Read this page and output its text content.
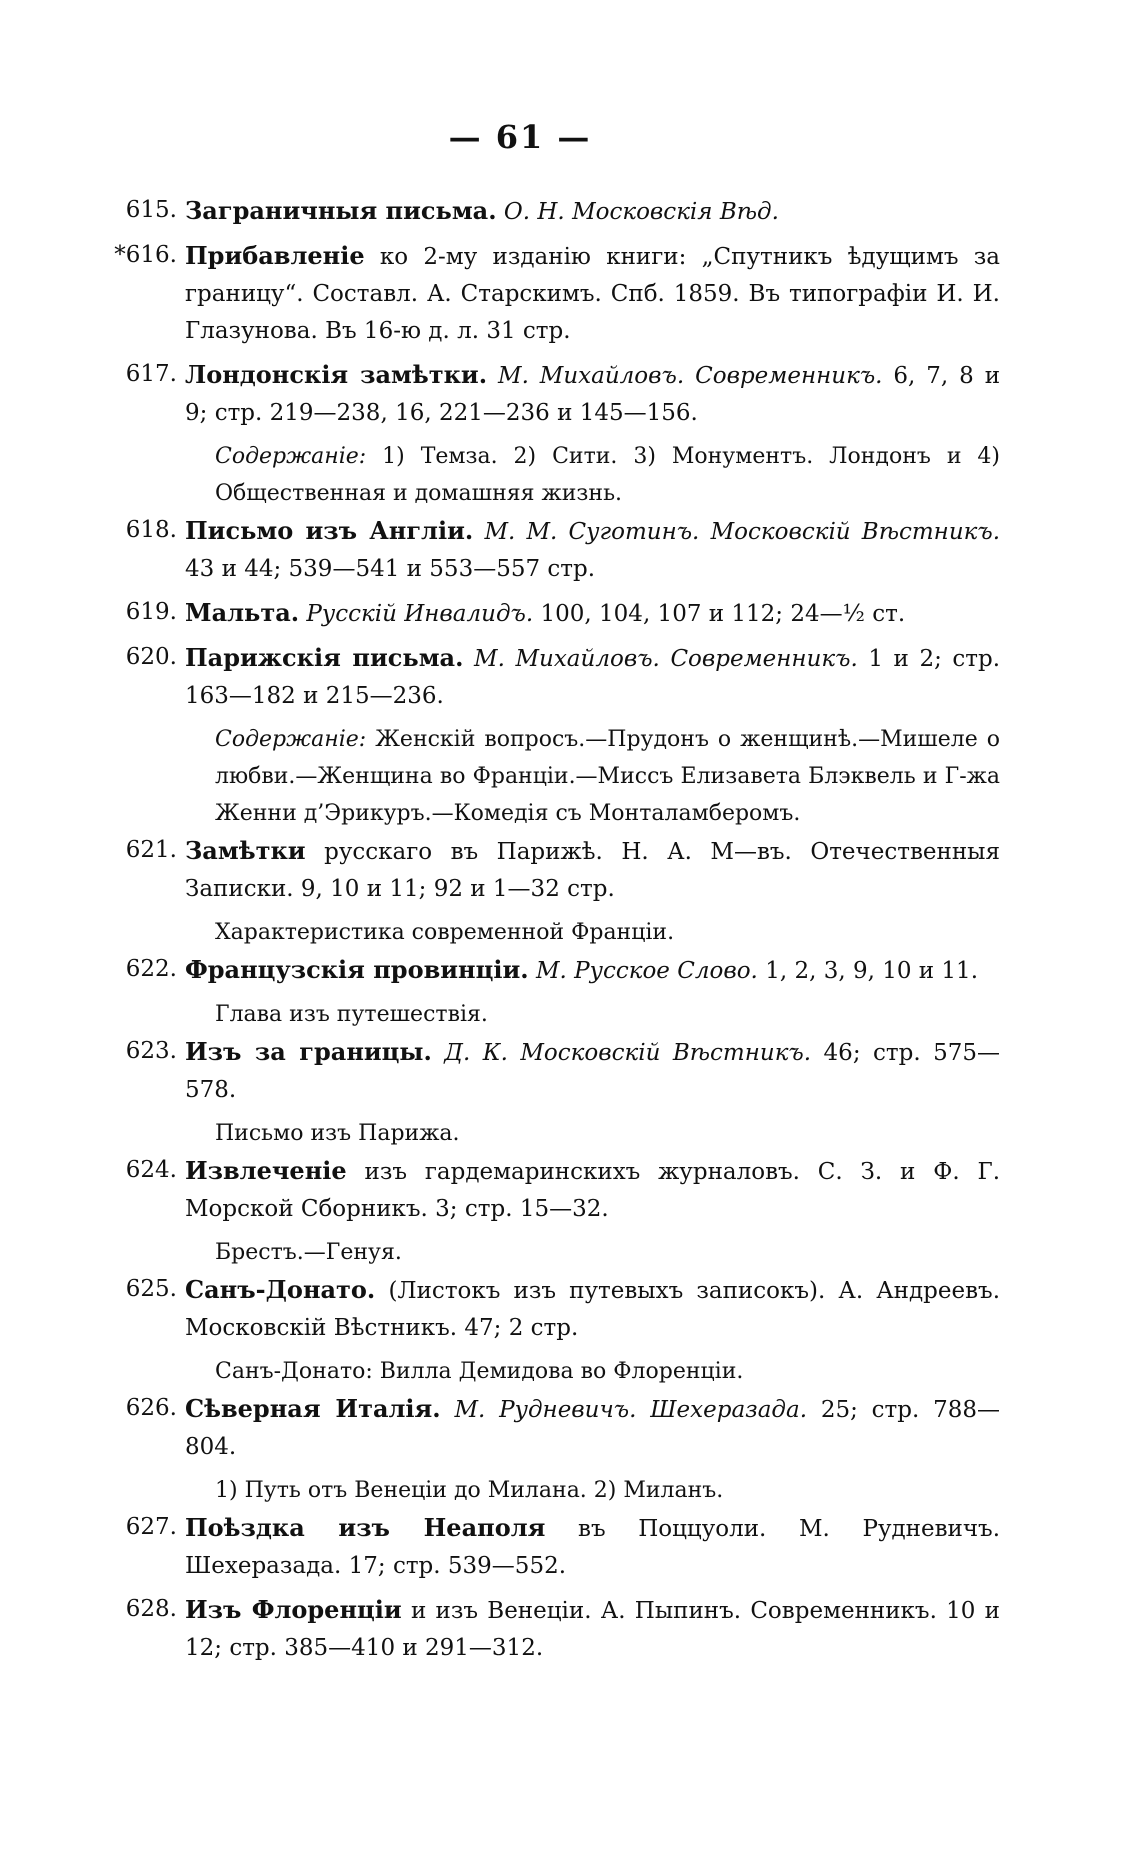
— 61 —
615. Заграничныя письма. О. Н. Московскія Вѣд.
*616. Прибавленіе ко 2-му изданію книги: „Спутникъ ѣдущимъ за границу“. Составл. А. Старскимъ. Спб. 1859. Въ типографіи И. И. Глазунова. Въ 16-ю д. л. 31 стр.
617. Лондонскія замѣтки. М. Михайловъ. Современникъ. 6, 7, 8 и 9; стр. 219—238, 16, 221—236 и 145—156.
Содержаніе: 1) Темза. 2) Сити. 3) Монументъ. Лондонъ и 4) Общественная и домашняя жизнь.
618. Письмо изъ Англіи. М. М. Суготинъ. Московскій Вѣстникъ. 43 и 44; 539—541 и 553—557 стр.
619. Мальта. Русскій Инвалидъ. 100, 104, 107 и 112; 24—½ ст.
620. Парижскія письма. М. Михайловъ. Современникъ. 1 и 2; стр. 163—182 и 215—236.
Содержаніе: Женскій вопросъ.—Прудонъ о женщинѣ.—Мишеле о любви.—Женщина во Франціи.—Миссъ Елизавета Блэквель и Г-жа Женни д’Эрикуръ.—Комедія съ Монталамберомъ.
621. Замѣтки русскаго въ Парижѣ. Н. А. М—въ. Отечественныя Записки. 9, 10 и 11; 92 и 1—32 стр.
Характеристика современной Франціи.
622. Французскія провинціи. М. Русское Слово. 1, 2, 3, 9, 10 и 11.
Глава изъ путешествія.
623. Изъ за границы. Д. К. Московскій Вѣстникъ. 46; стр. 575—578.
Письмо изъ Парижа.
624. Извлеченіе изъ гардемаринскихъ журналовъ. С. З. и Ф. Г. Морской Сборникъ. 3; стр. 15—32.
Брестъ.—Генуя.
625. Санъ-Донато. (Листокъ изъ путевыхъ записокъ). А. Андреевъ. Московскій Вѣстникъ. 47; 2 стр.
Санъ-Донато: Вилла Демидова во Флоренціи.
626. Сѣверная Италія. М. Рудневичъ. Шехеразада. 25; стр. 788—804.
1) Путь отъ Венеціи до Милана. 2) Миланъ.
627. Поѣздка изъ Неаполя въ Поццуоли. М. Рудневичъ. Шехеразада. 17; стр. 539—552.
628. Изъ Флоренціи и изъ Венеціи. А. Пыпинъ. Современникъ. 10 и 12; стр. 385—410 и 291—312.
